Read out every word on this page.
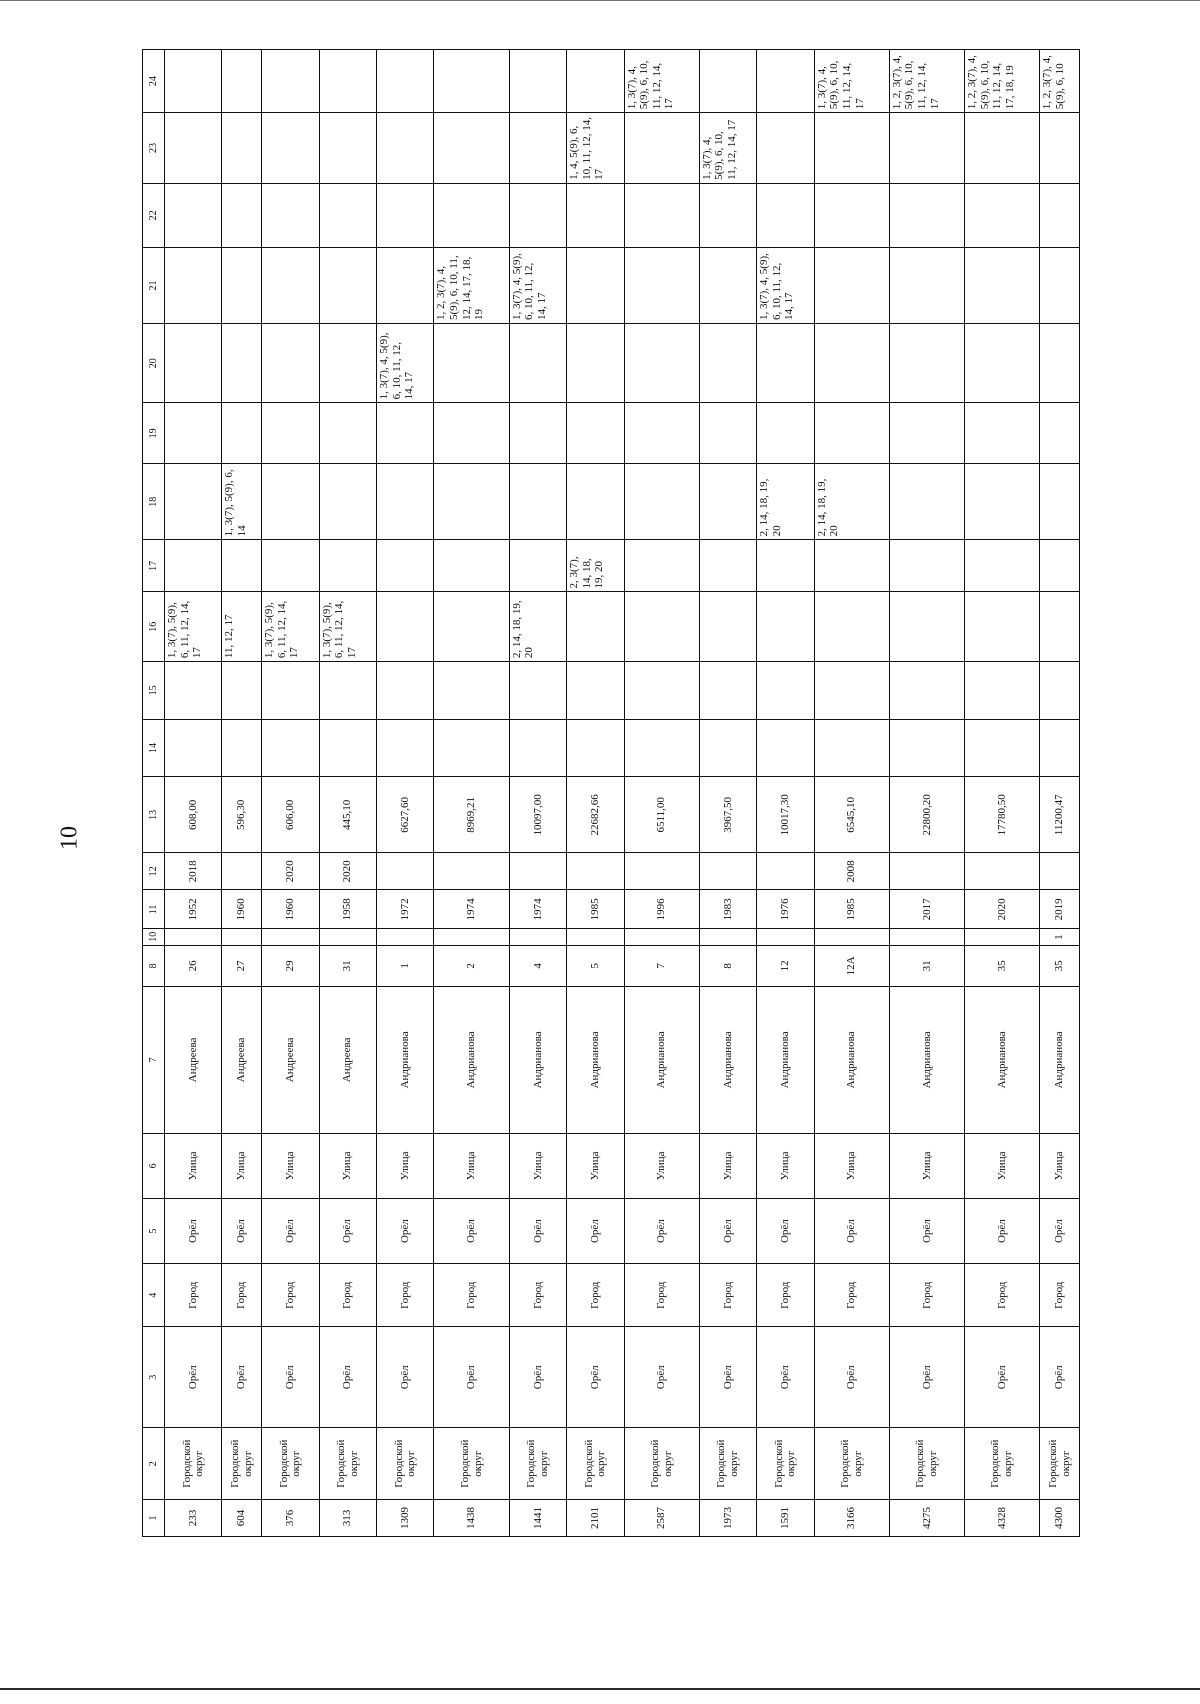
10
1	2	3	4	5	6	7	8	10	11	12	13	14	15	16	17	18	19	20	21	22	23	24
233	Городской округ	Орёл	Город	Орёл	Улица	Андреева	26		1952	2018	608,00			1, 3(7), 5(9), 6, 11, 12, 14, 17								
604	Городской округ	Орёл	Город	Орёл	Улица	Андреева	27		1960		596,30			11, 12, 17		1, 3(7), 5(9), 6, 14						
376	Городской округ	Орёл	Город	Орёл	Улица	Андреева	29		1960	2020	606,00			1, 3(7), 5(9), 6, 11, 12, 14, 17								
313	Городской округ	Орёл	Город	Орёл	Улица	Андреева	31		1958	2020	445,10			1, 3(7), 5(9), 6, 11, 12, 14, 17								
1309	Городской округ	Орёл	Город	Орёл	Улица	Андрианова	1		1972		6627,60							1, 3(7), 4, 5(9), 6, 10, 11, 12, 14, 17				
1438	Городской округ	Орёл	Город	Орёл	Улица	Андрианова	2		1974		8969,21								1, 2, 3(7), 4, 5(9), 6, 10, 11, 12, 14, 17, 18, 19			
1441	Городской округ	Орёл	Город	Орёл	Улица	Андрианова	4		1974		10097,00			2, 14, 18, 19, 20					1, 3(7), 4, 5(9), 6, 10, 11, 12, 14, 17			
2101	Городской округ	Орёл	Город	Орёл	Улица	Андрианова	5		1985		22682,66				2, 3(7), 14, 18, 19, 20						1, 4, 5(9), 6, 10, 11, 12, 14, 17	
2587	Городской округ	Орёл	Город	Орёл	Улица	Андрианова	7		1996		6511,00											1, 3(7), 4, 5(9), 6, 10, 11, 12, 14, 17
1973	Городской округ	Орёл	Город	Орёл	Улица	Андрианова	8		1983		3967,50										1, 3(7), 4, 5(9), 6, 10, 11, 12, 14, 17	
1591	Городской округ	Орёл	Город	Орёл	Улица	Андрианова	12		1976		10017,30					2, 14, 18, 19, 20			1, 3(7), 4, 5(9), 6, 10, 11, 12, 14, 17			
3166	Городской округ	Орёл	Город	Орёл	Улица	Андрианова	12А		1985	2008	6545,10					2, 14, 18, 19, 20						1, 3(7), 4, 5(9), 6, 10, 11, 12, 14, 17
4275	Городской округ	Орёл	Город	Орёл	Улица	Андрианова	31		2017		22800,20											1, 2, 3(7), 4, 5(9), 6, 10, 11, 12, 14, 17
4328	Городской округ	Орёл	Город	Орёл	Улица	Андрианова	35		2020		17780,50											1, 2, 3(7), 4, 5(9), 6, 10, 11, 12, 14, 17, 18, 19
4300	Городской округ	Орёл	Город	Орёл	Улица	Андрианова	35	1	2019		11200,47											1, 2, 3(7), 4, 5(9), 6, 10
